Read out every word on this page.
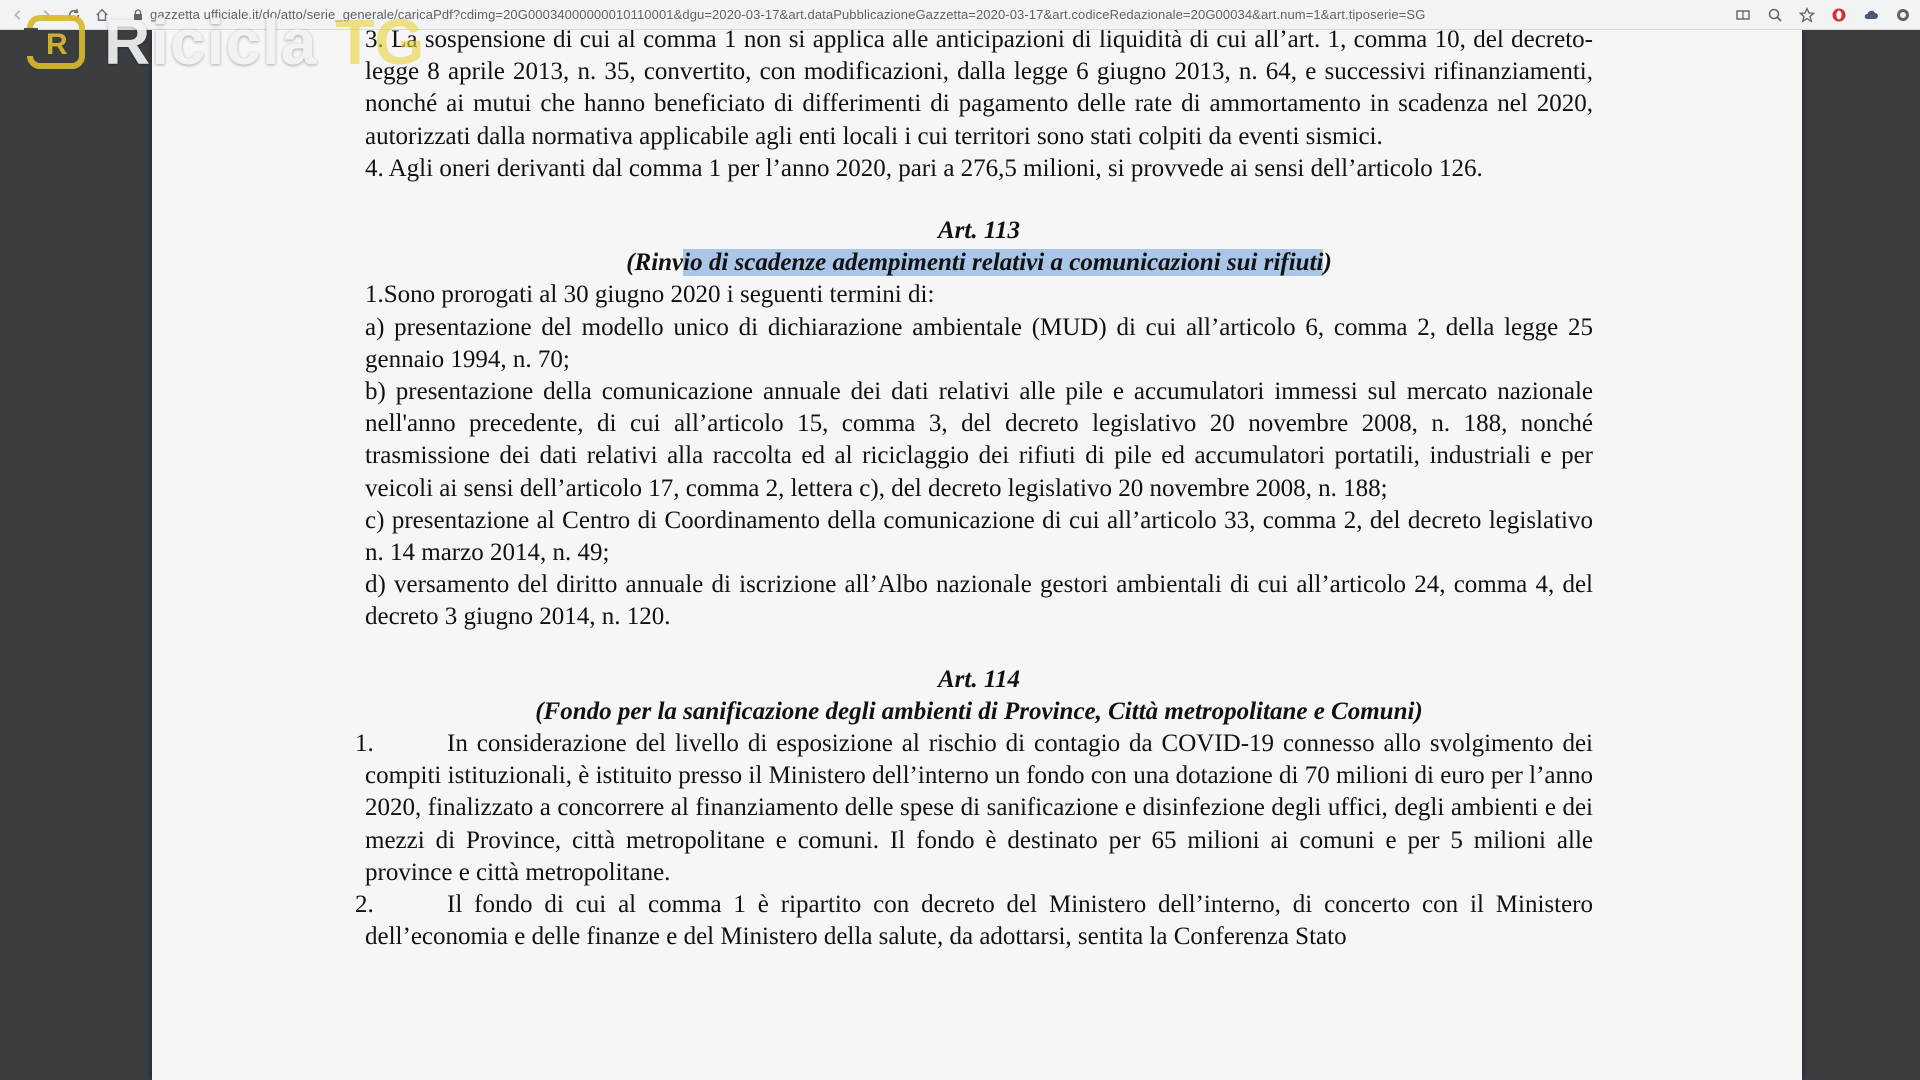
gazzetta ufficiale.it/do/atto/serie_generale/caricaPdf?cdimg=20G00034000000010110001&dgu=2020-03-17&art.dataPubblicazioneGazzetta=2020-03-17&art.codiceRedazionale=20G00034&art.num=1&art.tiposerie=SG
R Ricicla TG

3. La sospensione di cui al comma 1 non si applica alle anticipazioni di liquidità di cui all’art. 1, comma 10, del decreto-legge 8 aprile 2013, n. 35, convertito, con modificazioni, dalla legge 6 giugno 2013, n. 64, e successivi rifinanziamenti, nonché ai mutui che hanno beneficiato di differimenti di pagamento delle rate di ammortamento in scadenza nel 2020, autorizzati dalla normativa applicabile agli enti locali i cui territori sono stati colpiti da eventi sismici.

4. Agli oneri derivanti dal comma 1 per l’anno 2020, pari a 276,5 milioni, si provvede ai sensi dell’articolo 126.

Art. 113

(Rinvio di scadenze adempimenti relativi a comunicazioni sui rifiuti)

1.Sono prorogati al 30 giugno 2020 i seguenti termini di:

a) presentazione del modello unico di dichiarazione ambientale (MUD) di cui all’articolo 6, comma 2, della legge 25 gennaio 1994, n. 70;

b) presentazione della comunicazione annuale dei dati relativi alle pile e accumulatori immessi sul mercato nazionale nell'anno precedente, di cui all’articolo 15, comma 3, del decreto legislativo 20 novembre 2008, n. 188, nonché trasmissione dei dati relativi alla raccolta ed al riciclaggio dei rifiuti di pile ed accumulatori portatili, industriali e per veicoli ai sensi dell’articolo 17, comma 2, lettera c), del decreto legislativo 20 novembre 2008, n. 188;

c) presentazione al Centro di Coordinamento della comunicazione di cui all’articolo 33, comma 2, del decreto legislativo n. 14 marzo 2014, n. 49;

d) versamento del diritto annuale di iscrizione all’Albo nazionale gestori ambientali di cui all’articolo 24, comma 4, del decreto 3 giugno 2014, n. 120.

Art. 114

(Fondo per la sanificazione degli ambienti di Province, Città metropolitane e Comuni)

1.	In considerazione del livello di esposizione al rischio di contagio da COVID-19 connesso allo svolgimento dei compiti istituzionali, è istituito presso il Ministero dell’interno un fondo con una dotazione di 70 milioni di euro per l’anno 2020, finalizzato a concorrere al finanziamento delle spese di sanificazione e disinfezione degli uffici, degli ambienti e dei mezzi di Province, città metropolitane e comuni. Il fondo è destinato per 65 milioni ai comuni e per 5 milioni alle province e città metropolitane.

2.	Il fondo di cui al comma 1 è ripartito con decreto del Ministero dell’interno, di concerto con il Ministero dell’economia e delle finanze e del Ministero della salute, da adottarsi, sentita la Conferenza Stato
